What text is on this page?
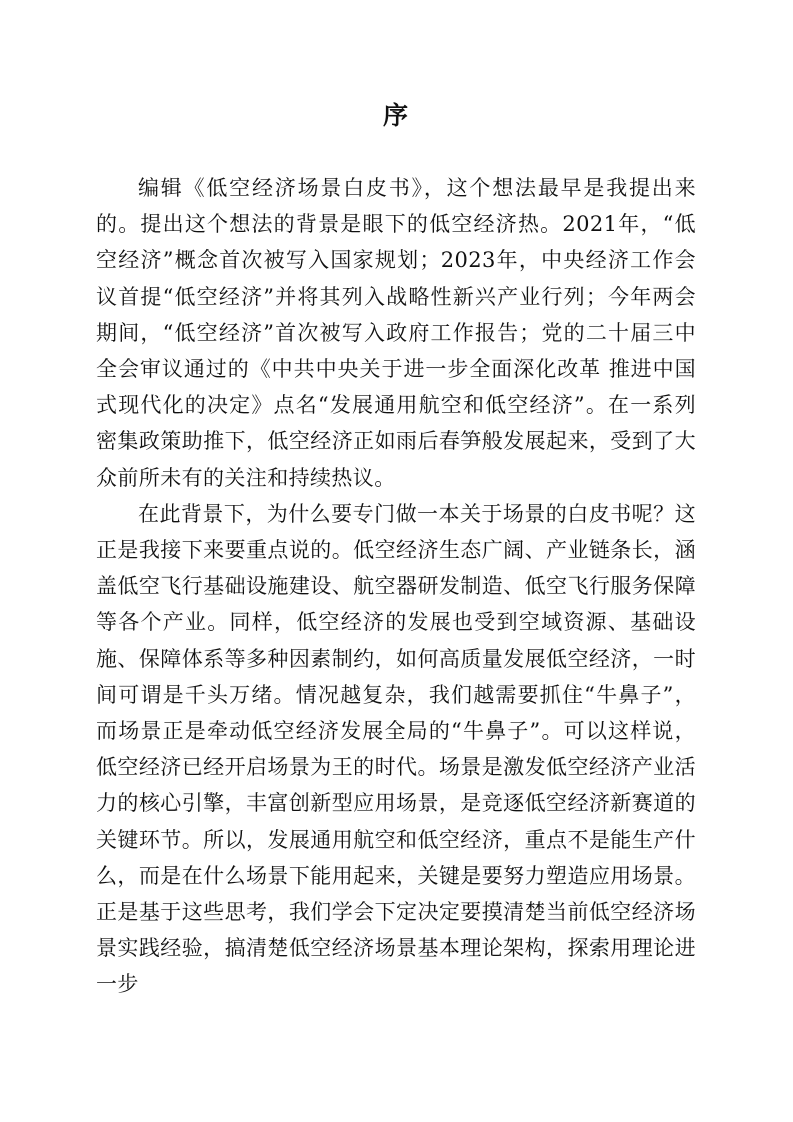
序

编辑《低空经济场景白皮书》，这个想法最早是我提出来的。提出这个想法的背景是眼下的低空经济热。2021年，“低空经济”概念首次被写入国家规划；2023年，中央经济工作会议首提“低空经济”并将其列入战略性新兴产业行列；今年两会期间，“低空经济”首次被写入政府工作报告；党的二十届三中全会审议通过的《中共中央关于进一步全面深化改革 推进中国式现代化的决定》点名“发展通用航空和低空经济”。在一系列密集政策助推下，低空经济正如雨后春笋般发展起来，受到了大众前所未有的关注和持续热议。

在此背景下，为什么要专门做一本关于场景的白皮书呢？这正是我接下来要重点说的。低空经济生态广阔、产业链条长，涵盖低空飞行基础设施建设、航空器研发制造、低空飞行服务保障等各个产业。同样，低空经济的发展也受到空域资源、基础设施、保障体系等多种因素制约，如何高质量发展低空经济，一时间可谓是千头万绪。情况越复杂，我们越需要抓住“牛鼻子”，而场景正是牵动低空经济发展全局的“牛鼻子”。可以这样说，低空经济已经开启场景为王的时代。场景是激发低空经济产业活力的核心引擎，丰富创新型应用场景，是竞逐低空经济新赛道的关键环节。所以，发展通用航空和低空经济，重点不是能生产什么，而是在什么场景下能用起来，关键是要努力塑造应用场景。正是基于这些思考，我们学会下定决定要摸清楚当前低空经济场景实践经验，搞清楚低空经济场景基本理论架构，探索用理论进一步
